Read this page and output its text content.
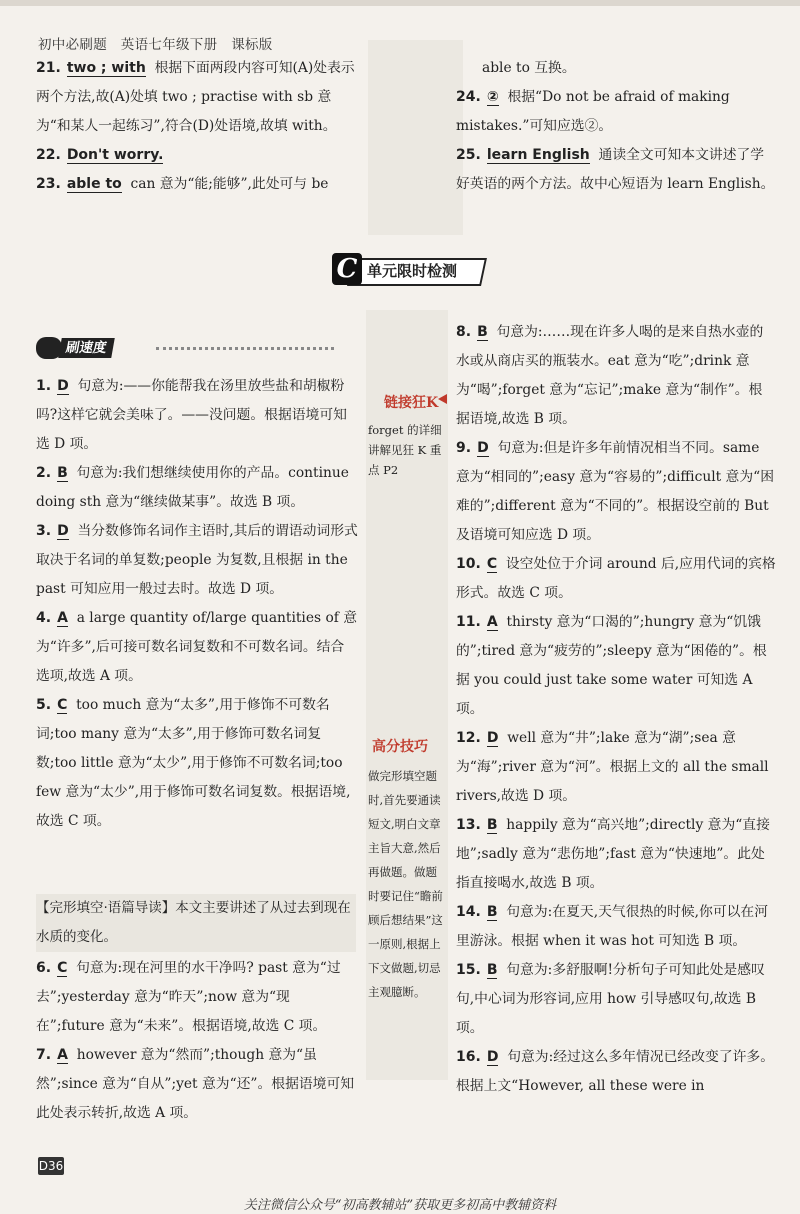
初中必刷题　英语七年级下册　课标版

21. two ; with 根据下面两段内容可知(A)处表示两个方法,故(A)处填 two ; practise with sb 意为“和某人一起练习”,符合(D)处语境,故填 with。

22. Don't worry.

23. able to can 意为“能;能够”,此处可与 be

able to 互换。

24. ② 根据“Do not be afraid of making mistakes.”可知应选②。

25. learn English 通读全文可知本文讲述了学好英语的两个方法。故中心短语为 learn English。

C 单元限时检测
刷速度
链接狂K
forget 的详细讲解见狂 K 重点 P2
高分技巧
做完形填空题时,首先要通读短文,明白文章主旨大意,然后再做题。做题时要记住“瞻前顾后想结果”这一原则,根据上下文做题,切忌主观臆断。

1. D 句意为:——你能帮我在汤里放些盐和胡椒粉吗?这样它就会美味了。——没问题。根据语境可知选 D 项。

2. B 句意为:我们想继续使用你的产品。continue doing sth 意为“继续做某事”。故选 B 项。

3. D 当分数修饰名词作主语时,其后的谓语动词形式取决于名词的单复数;people 为复数,且根据 in the past 可知应用一般过去时。故选 D 项。

4. A a large quantity of/large quantities of 意为“许多”,后可接可数名词复数和不可数名词。结合选项,故选 A 项。

5. C too much 意为“太多”,用于修饰不可数名词;too many 意为“太多”,用于修饰可数名词复数;too little 意为“太少”,用于修饰不可数名词;too few 意为“太少”,用于修饰可数名词复数。根据语境,故选 C 项。

【完形填空·语篇导读】本文主要讲述了从过去到现在水质的变化。

6. C 句意为:现在河里的水干净吗? past 意为“过去”;yesterday 意为“昨天”;now 意为“现在”;future 意为“未来”。根据语境,故选 C 项。

7. A however 意为“然而”;though 意为“虽然”;since 意为“自从”;yet 意为“还”。根据语境可知此处表示转折,故选 A 项。

8. B 句意为:……现在许多人喝的是来自热水壶的水或从商店买的瓶装水。eat 意为“吃”;drink 意为“喝”;forget 意为“忘记”;make 意为“制作”。根据语境,故选 B 项。

9. D 句意为:但是许多年前情况相当不同。same 意为“相同的”;easy 意为“容易的”;difficult 意为“困难的”;different 意为“不同的”。根据设空前的 But 及语境可知应选 D 项。

10. C 设空处位于介词 around 后,应用代词的宾格形式。故选 C 项。

11. A thirsty 意为“口渴的”;hungry 意为“饥饿的”;tired 意为“疲劳的”;sleepy 意为“困倦的”。根据 you could just take some water 可知选 A 项。

12. D well 意为“井”;lake 意为“湖”;sea 意为“海”;river 意为“河”。根据上文的 all the small rivers,故选 D 项。

13. B happily 意为“高兴地”;directly 意为“直接地”;sadly 意为“悲伤地”;fast 意为“快速地”。此处指直接喝水,故选 B 项。

14. B 句意为:在夏天,天气很热的时候,你可以在河里游泳。根据 when it was hot 可知选 B 项。

15. B 句意为:多舒服啊!分析句子可知此处是感叹句,中心词为形容词,应用 how 引导感叹句,故选 B 项。

16. D 句意为:经过这么多年情况已经改变了许多。根据上文“However, all these were in

D36
关注微信公众号“初高教辅站”获取更多初高中教辅资料
